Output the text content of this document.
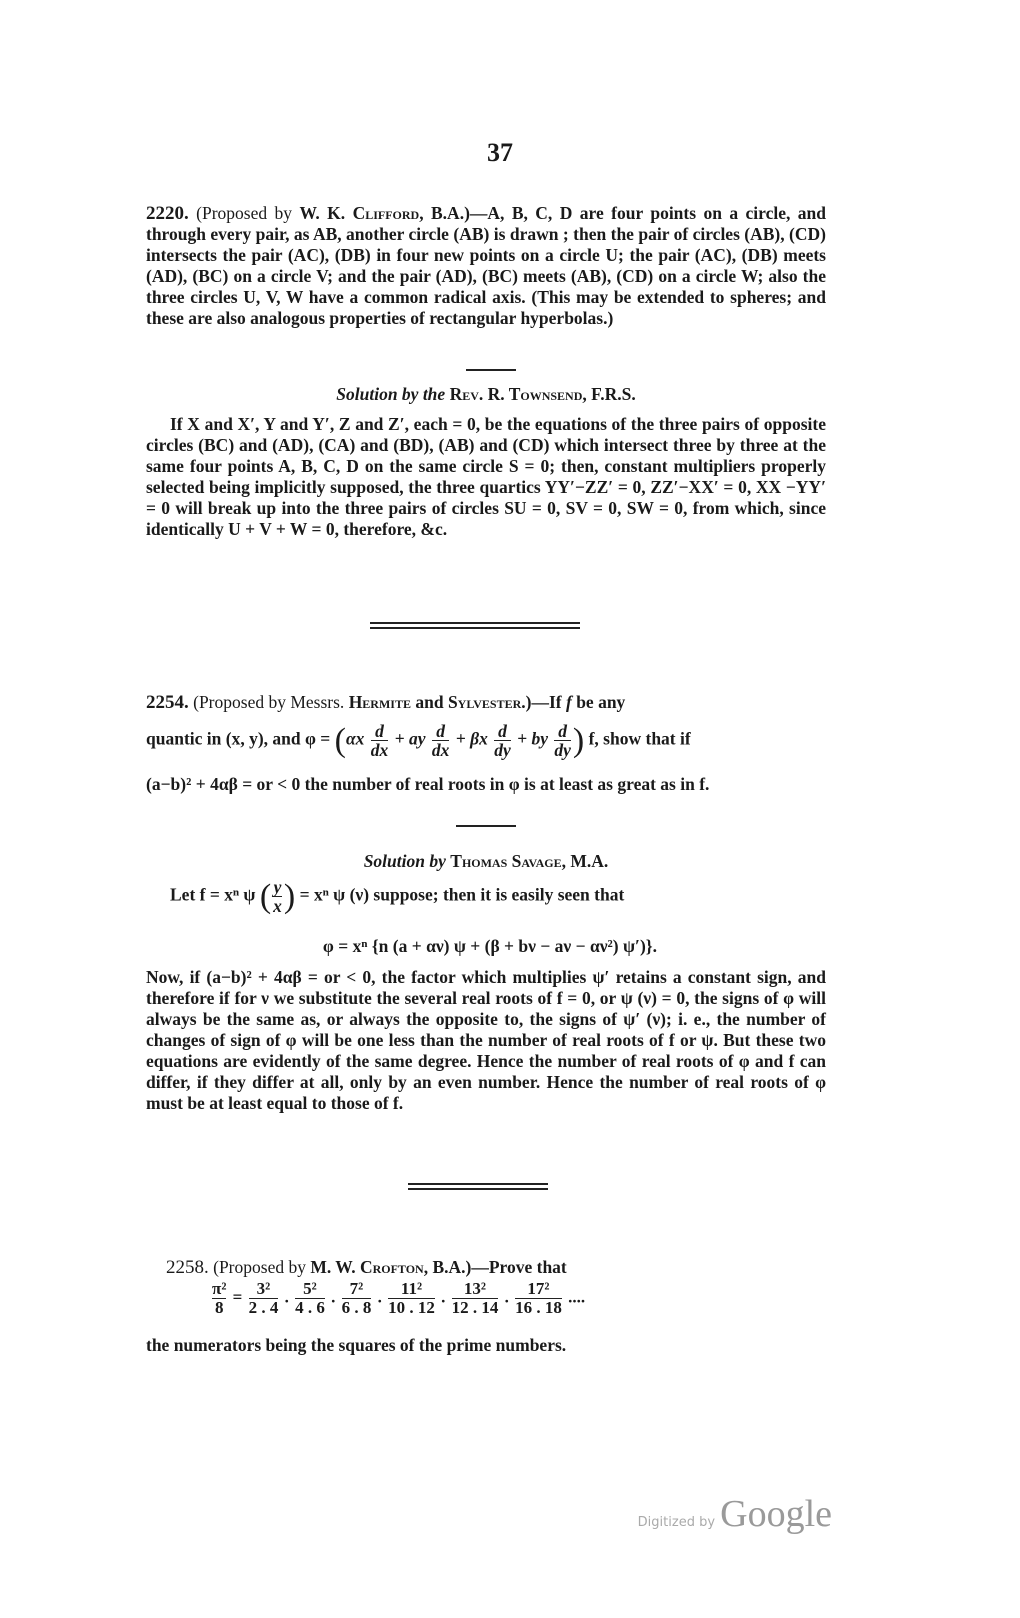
37
2220. (Proposed by W. K. Clifford, B.A.)—A, B, C, D are four points on a circle, and through every pair, as AB, another circle (AB) is drawn ; then the pair of circles (AB), (CD) intersects the pair (AC), (DB) in four new points on a circle U; the pair (AC), (DB) meets (AD), (BC) on a circle V; and the pair (AD), (BC) meets (AB), (CD) on a circle W; also the three circles U, V, W have a common radical axis. (This may be extended to spheres; and these are also analogous properties of rectangular hyperbolas.)
Solution by the Rev. R. Townsend, F.R.S.
If X and X′, Y and Y′, Z and Z′, each = 0, be the equations of the three pairs of opposite circles (BC) and (AD), (CA) and (BD), (AB) and (CD) which intersect three by three at the same four points A, B, C, D on the same circle S = 0; then, constant multipliers properly selected being implicitly supposed, the three quartics YY′−ZZ′ = 0, ZZ′−XX′ = 0, XX −YY′ = 0 will break up into the three pairs of circles SU = 0, SV = 0, SW = 0, from which, since identically U + V + W = 0, therefore, &c.
2254. (Proposed by Messrs. Hermite and Sylvester.)—If f be any
quantic in (x, y), and $\varphi = (\alpha x \frac{d}{dx}$ + ay $\frac{d}{dx} + \beta x \frac{d}{dy}$ + by $\frac{d}{dy}$ ) f, show that if
(a−b)² + 4αβ = or < 0 the number of real roots in φ is at least as great as in f.
Solution by Thomas Savage, M.A.
Let f = xⁿ ψ ( $\frac{y}{x}$ ) = xⁿ ψ (ν) suppose; then it is easily seen that
φ = xⁿ {n (a + αν) ψ + (β + bν − aν − αν²) ψ′)}.
Now, if (a−b)² + 4αβ = or < 0, the factor which multiplies ψ′ retains a constant sign, and therefore if for ν we substitute the several real roots of f = 0, or ψ (ν) = 0, the signs of φ will always be the same as, or always the opposite to, the signs of ψ′ (ν); i. e., the number of changes of sign of φ will be one less than the number of real roots of f or ψ. But these two equations are evidently of the same degree. Hence the number of real roots of φ and f can differ, if they differ at all, only by an even number. Hence the number of real roots of φ must be at least equal to those of f.
2258. (Proposed by M. W. Crofton, B.A.)—Prove that
$\frac{\text{π²}}{8} = \frac{\text{3²}}{2 . 4}$ . $\frac{\text{5²}}{4 . 6}$ . $\frac{\text{7²}}{6 . 8}$ . $\frac{\text{11²}}{10 . 12}$ . $\frac{\text{13²}}{12 . 14}$ . $\frac{\text{17²}}{16 . 18}$ ....
the numerators being the squares of the prime numbers.
Digitized by Google
